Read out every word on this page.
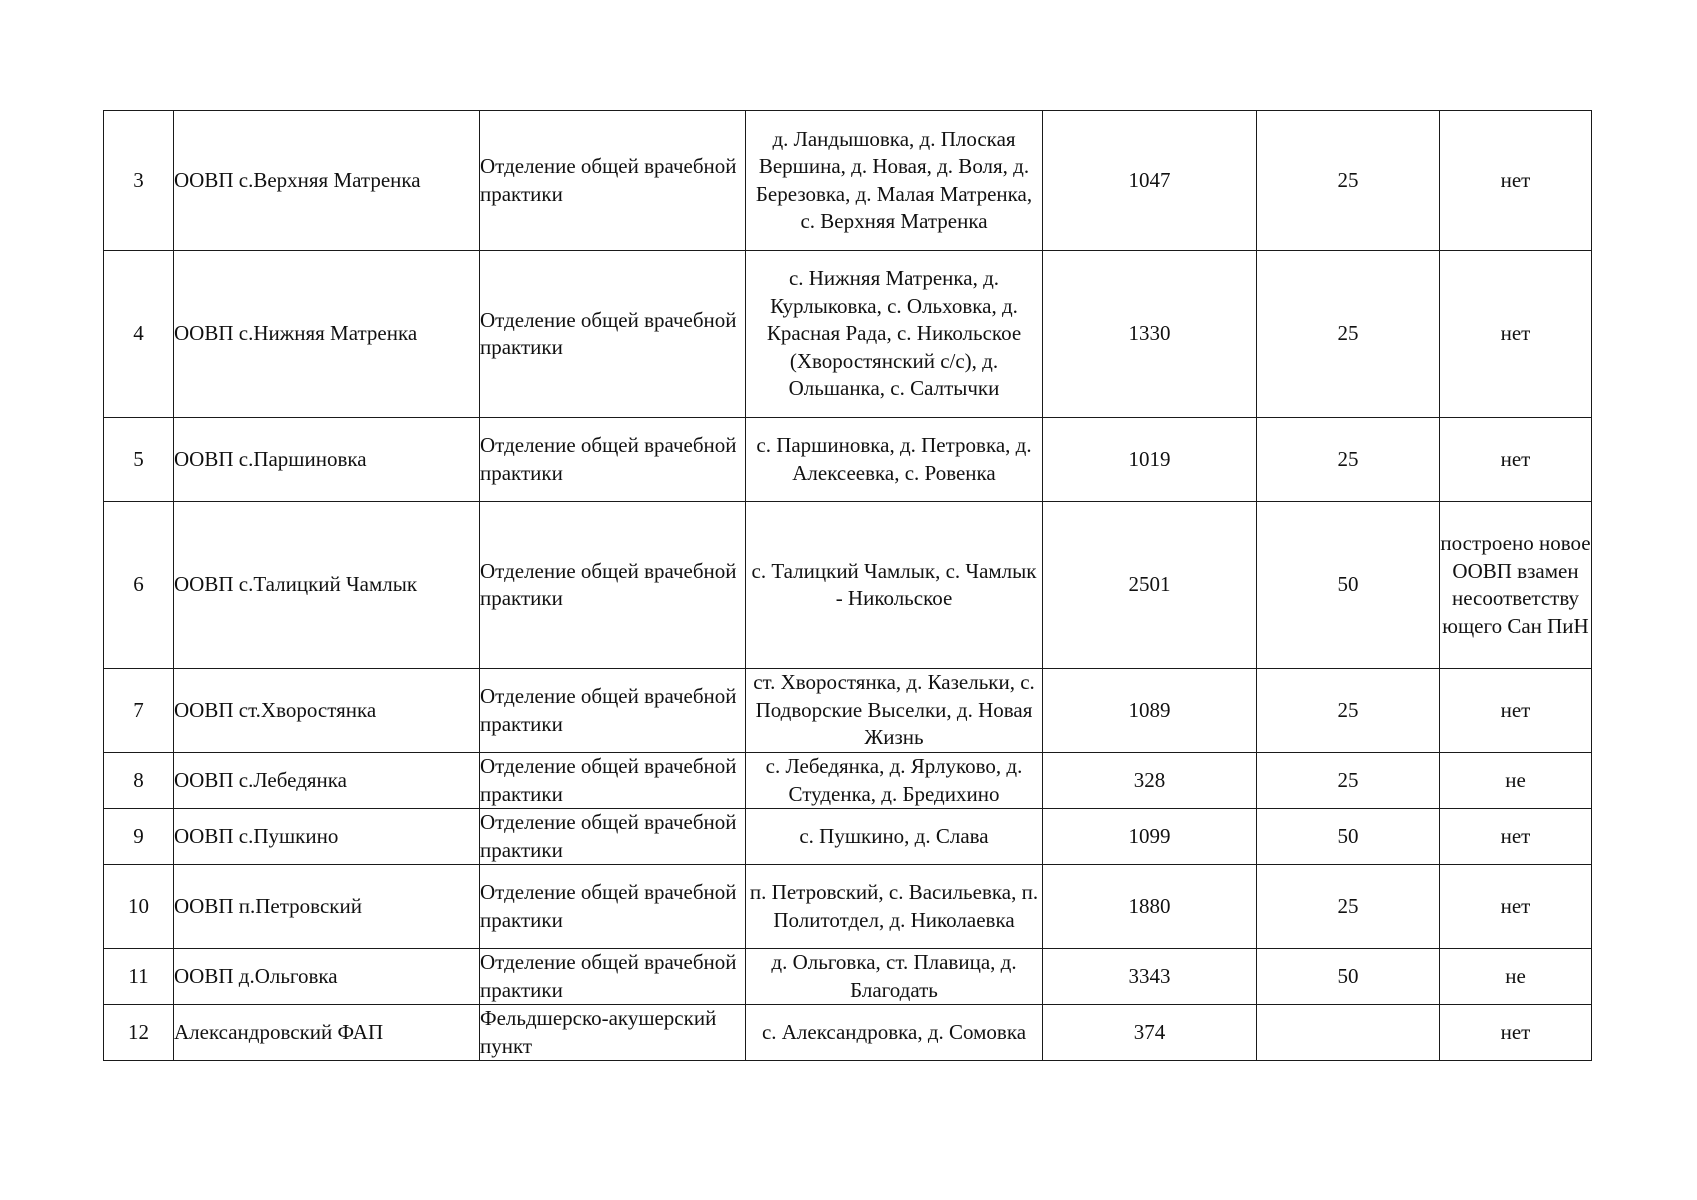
3	ООВП с.Верхняя Матренка	Отделение общей врачебной практики	д. Ландышовка, д. Плоская Вершина, д. Новая, д. Воля, д. Березовка, д. Малая Матренка, с. Верхняя Матренка	1047	25	нет
4	ООВП с.Нижняя Матренка	Отделение общей врачебной практики	с. Нижняя Матренка, д. Курлыковка, с. Ольховка, д. Красная Рада, с. Никольское (Хворостянский с/с), д. Ольшанка, с. Салтычки	1330	25	нет
5	ООВП с.Паршиновка	Отделение общей врачебной практики	с. Паршиновка, д. Петровка, д. Алексеевка, с. Ровенка	1019	25	нет
6	ООВП с.Талицкий Чамлык	Отделение общей врачебной практики	с. Талицкий Чамлык, с. Чамлык - Никольское	2501	50	построено новое ООВП взамен несоответству ющего Сан ПиН
7	ООВП ст.Хворостянка	Отделение общей врачебной практики	ст. Хворостянка, д. Казельки, с. Подворские Выселки, д. Новая Жизнь	1089	25	нет
8	ООВП с.Лебедянка	Отделение общей врачебной практики	с. Лебедянка, д. Ярлуково, д. Студенка, д. Бредихино	328	25	не
9	ООВП с.Пушкино	Отделение общей врачебной практики	с. Пушкино, д. Слава	1099	50	нет
10	ООВП п.Петровский	Отделение общей врачебной практики	п. Петровский, с. Васильевка, п. Политотдел, д. Николаевка	1880	25	нет
11	ООВП д.Ольговка	Отделение общей врачебной практики	д. Ольговка, ст. Плавица, д. Благодать	3343	50	не
12	Александровский ФАП	Фельдшерско-акушерский пункт	с. Александровка, д. Сомовка	374		нет
